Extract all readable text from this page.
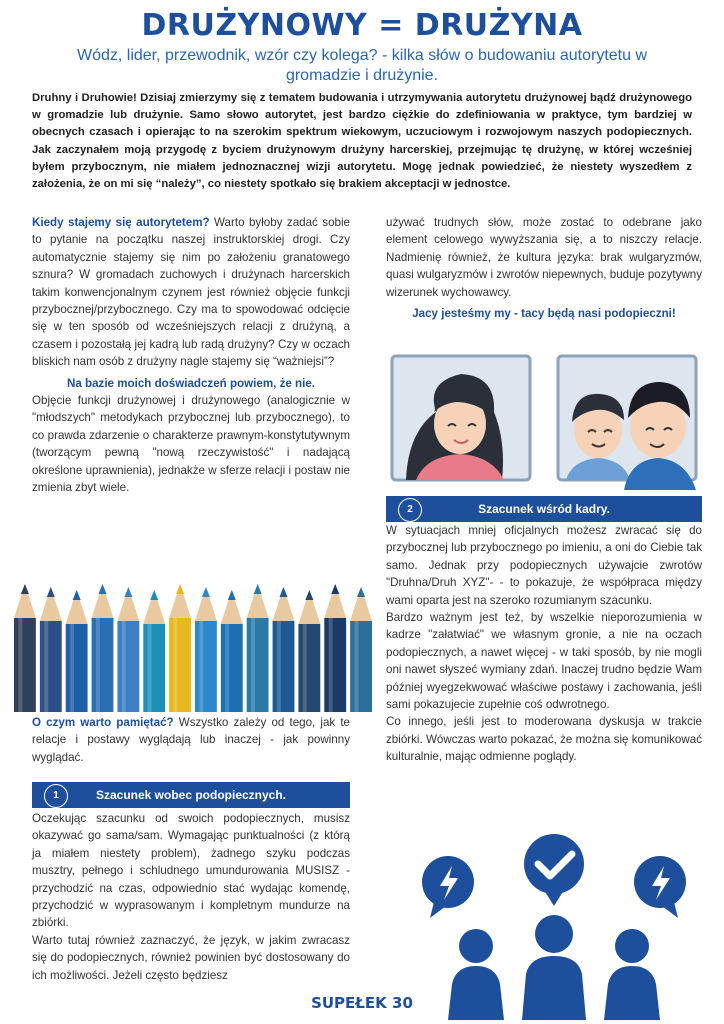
DRUŻYNOWY = DRUŻYNA
Wódz, lider, przewodnik, wzór czy kolega? - kilka słów o budowaniu autorytetu w gromadzie i drużynie.
Druhny i Druhowie! Dzisiaj zmierzymy się z tematem budowania i utrzymywania autorytetu drużynowej bądź drużynowego w gromadzie lub drużynie. Samo słowo autorytet, jest bardzo ciężkie do zdefiniowania w praktyce, tym bardziej w obecnych czasach i opierając to na szerokim spektrum wiekowym, uczuciowym i rozwojowym naszych podopiecznych. Jak zaczynałem moją przygodę z byciem drużynowym drużyny harcerskiej, przejmując tę drużynę, w której wcześniej byłem przybocznym, nie miałem jednoznacznej wizji autorytetu. Mogę jednak powiedzieć, że niestety wyszedłem z założenia, że on mi się “należy”, co niestety spotkało się brakiem akceptacji w jednostce.

Kiedy stajemy się autorytetem? Warto byłoby zadać sobie to pytanie na początku naszej instruktorskiej drogi. Czy automatycznie stajemy się nim po założeniu granatowego sznura? W gromadach zuchowych i drużynach harcerskich takim konwencjonalnym czynem jest również objęcie funkcji przybocznej/przybocznego. Czy ma to spowodować odcięcie się w ten sposób od wcześniejszych relacji z drużyną, a czasem i pozostałą jej kadrą lub radą drużyny? Czy w oczach bliskich nam osób z drużyny nagle stajemy się “ważniejsi”?

Na bazie moich doświadczeń powiem, że nie.

Objęcie funkcji drużynowej i drużynowego (analogicznie w "młodszych" metodykach przybocznej lub przybocznego), to co prawda zdarzenie o charakterze prawnym-konstytutywnym (tworzącym pewną "nową rzeczywistość" i nadającą określone uprawnienia), jednakże w sferze relacji i postaw nie zmienia zbyt wiele.

O czym warto pamiętać? Wszystko zależy od tego, jak te relacje i postawy wyglądają lub inaczej - jak powinny wyglądać.

1	Szacunek wobec podopiecznych.

Oczekując szacunku od swoich podopiecznych, musisz okazywać go sama/sam. Wymagając punktualności (z którą ja miałem niestety problem), żadnego szyku podczas musztry, pełnego i schludnego umundurowania MUSISZ - przychodzić na czas, odpowiednio stać wydając komendę, przychodzić w wyprasowanym i kompletnym mundurze na zbiórki.

Warto tutaj również zaznaczyć, że język, w jakim zwracasz się do podopiecznych, również powinien być dostosowany do ich możliwości. Jeżeli często będziesz

używać trudnych słów, może zostać to odebrane jako element celowego wywyższania się, a to niszczy relacje. Nadmienię również, że kultura języka: brak wulgaryzmów, quasi wulgaryzmów i zwrotów niepewnych, buduje pozytywny wizerunek wychowawcy.

Jacy jesteśmy my - tacy będą nasi podopieczni!

2	Szacunek wśród kadry.

W sytuacjach mniej oficjalnych możesz zwracać się do przybocznej lub przybocznego po imieniu, a oni do Ciebie tak samo. Jednak przy podopiecznych używajcie zwrotów "Druhna/Druh XYZ"- - to pokazuje, że współpraca między wami oparta jest na szeroko rozumianym szacunku.

Bardzo ważnym jest też, by wszelkie nieporozumienia w kadrze "załatwiać" we własnym gronie, a nie na oczach podopiecznych, a nawet więcej - w taki sposób, by nie mogli oni nawet słyszeć wymiany zdań. Inaczej trudno będzie Wam później wyegzekwować właściwe postawy i zachowania, jeśli sami pokazujecie zupełnie coś odwrotnego.

Co innego, jeśli jest to moderowana dyskusja w trakcie zbiórki. Wówczas warto pokazać, że można się komunikować kulturalnie, mając odmienne poglądy.

SUPEŁEK 30
